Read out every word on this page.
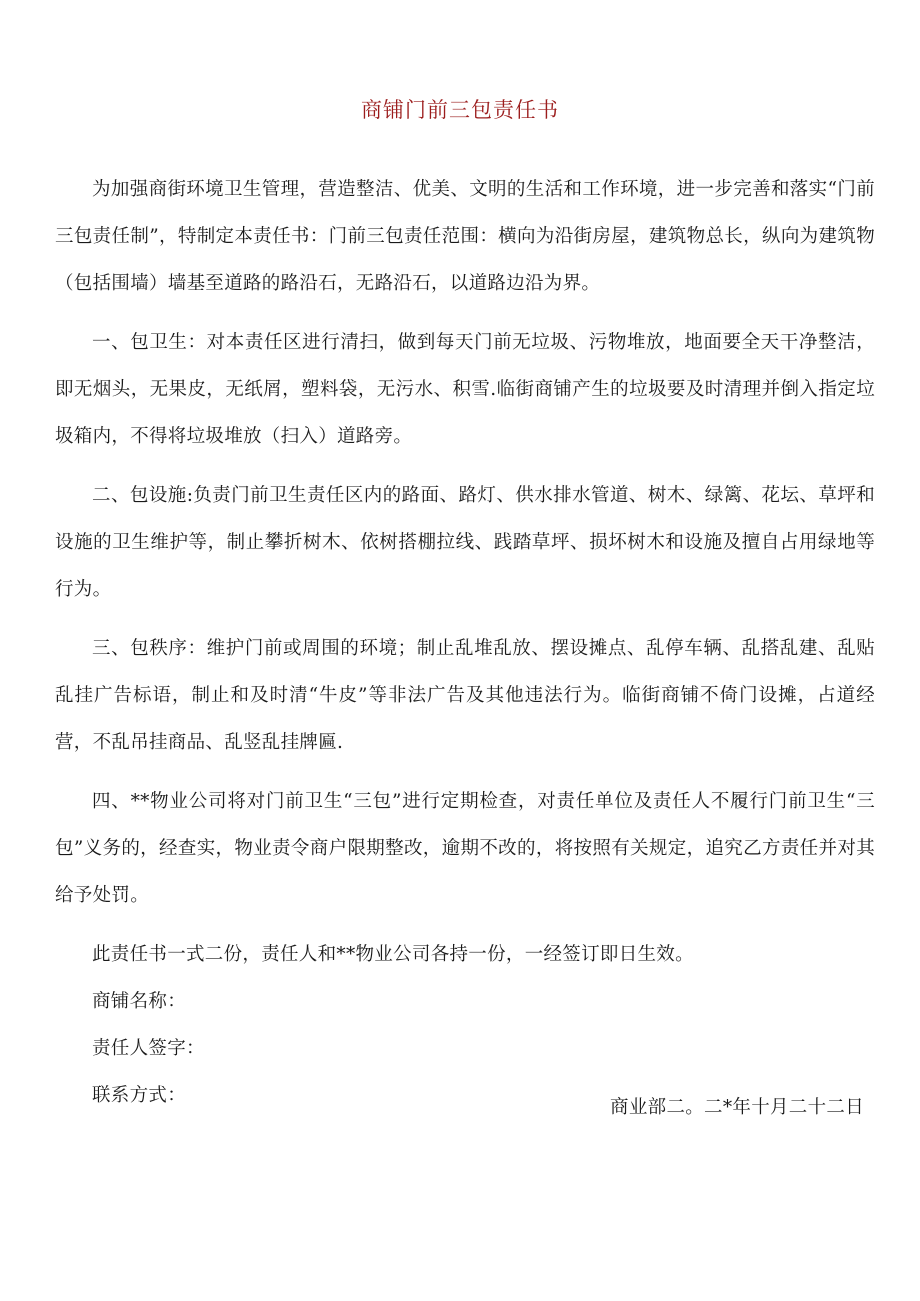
商铺门前三包责任书

为加强商街环境卫生管理，营造整洁、优美、文明的生活和工作环境，进一步完善和落实“门前三包责任制”，特制定本责任书：门前三包责任范围：横向为沿街房屋，建筑物总长，纵向为建筑物（包括围墙）墙基至道路的路沿石，无路沿石，以道路边沿为界。

一、包卫生：对本责任区进行清扫，做到每天门前无垃圾、污物堆放，地面要全天干净整洁，即无烟头，无果皮，无纸屑，塑料袋，无污水、积雪.临街商铺产生的垃圾要及时清理并倒入指定垃圾箱内，不得将垃圾堆放（扫入）道路旁。

二、包设施:负责门前卫生责任区内的路面、路灯、供水排水管道、树木、绿篱、花坛、草坪和设施的卫生维护等，制止攀折树木、依树搭棚拉线、践踏草坪、损坏树木和设施及擅自占用绿地等行为。

三、包秩序：维护门前或周围的环境；制止乱堆乱放、摆设摊点、乱停车辆、乱搭乱建、乱贴乱挂广告标语，制止和及时清“牛皮”等非法广告及其他违法行为。临街商铺不倚门设摊，占道经营，不乱吊挂商品、乱竖乱挂牌匾.

四、**物业公司将对门前卫生“三包”进行定期检查，对责任单位及责任人不履行门前卫生“三包”义务的，经查实，物业责令商户限期整改，逾期不改的，将按照有关规定，追究乙方责任并对其给予处罚。

此责任书一式二份，责任人和**物业公司各持一份，一经签订即日生效。

商铺名称：

责任人签字：

联系方式：

商业部二。二*年十月二十二日
